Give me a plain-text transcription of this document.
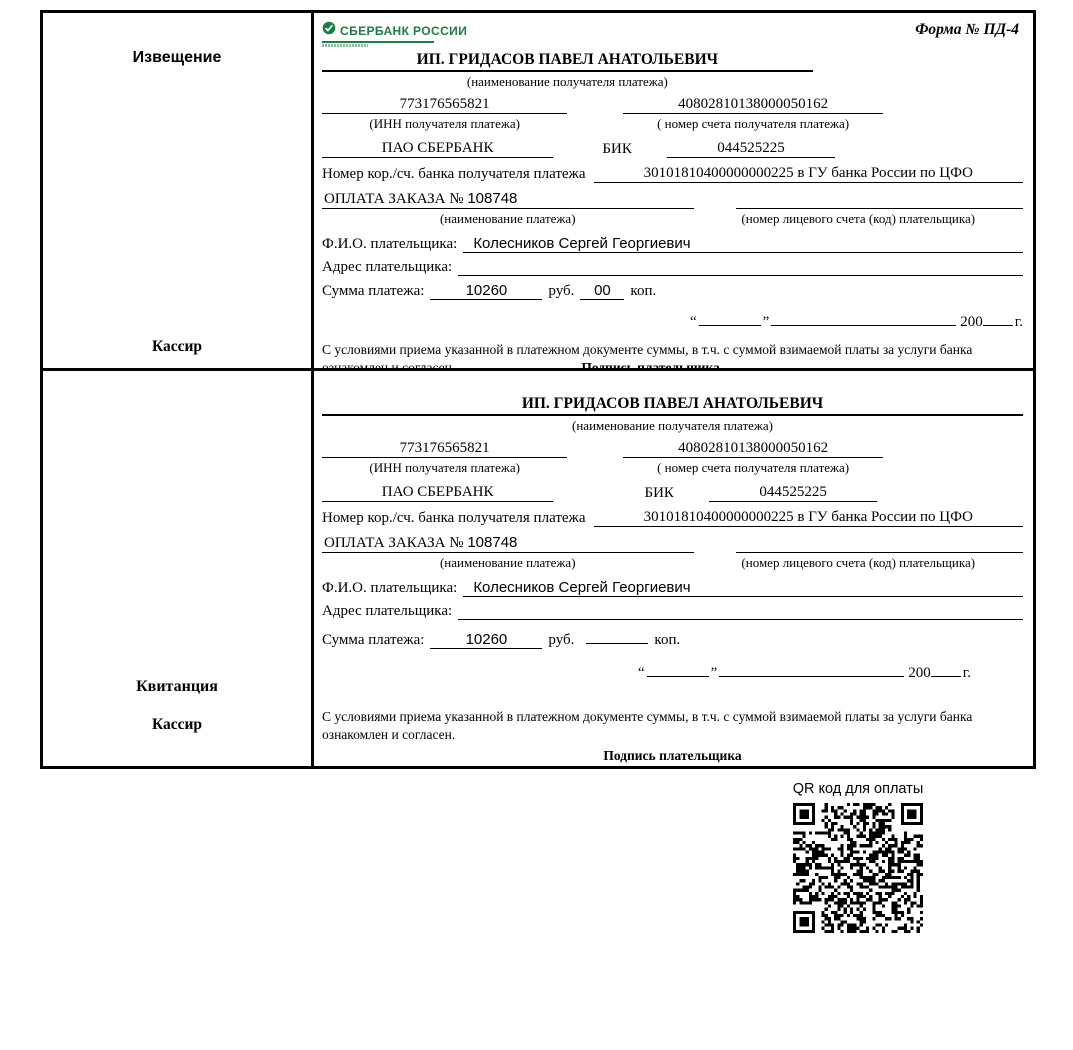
Извещение
Кассир
СБЕРБАНК РОССИИ	Форма № ПД-4
ИП. ГРИДАСОВ ПАВЕЛ АНАТОЛЬЕВИЧ
(наименование получателя платежа)
773176565821	40802810138000050162
(ИНН получателя платежа)	( номер счета получателя платежа)
ПАО СБЕРБАНК	БИК	044525225
Номер кор./сч. банка получателя платежа	30101810400000000225 в ГУ банка России по ЦФО
ОПЛАТА ЗАКАЗА № 108748
(наименование платежа)	(номер лицевого счета (код) плательщика)
Ф.И.О. плательщика:	Колесников Сергей Георгиевич
Адрес плательщика:
Сумма платежа:	10260	руб.	00	коп.
“	”	200 г.
С условиями приема указанной в платежном документе суммы, в т.ч. с суммой взимаемой платы за услуги банка
Квитанция
Кассир
ИП. ГРИДАСОВ ПАВЕЛ АНАТОЛЬЕВИЧ
(наименование получателя платежа)
773176565821	40802810138000050162
(ИНН получателя платежа)	( номер счета получателя платежа)
ПАО СБЕРБАНК	БИК	044525225
Номер кор./сч. банка получателя платежа	30101810400000000225 в ГУ банка России по ЦФО
ОПЛАТА ЗАКАЗА № 108748
(наименование платежа)	(номер лицевого счета (код) плательщика)
Ф.И.О. плательщика:	Колесников Сергей Георгиевич
Адрес плательщика:
Сумма платежа:	10260	руб.	коп.
“	”	200 г.
С условиями приема указанной в платежном документе суммы, в т.ч. с суммой взимаемой платы за услуги банка
ознакомлен и согласен.
Подпись плательщика
QR код для оплаты
